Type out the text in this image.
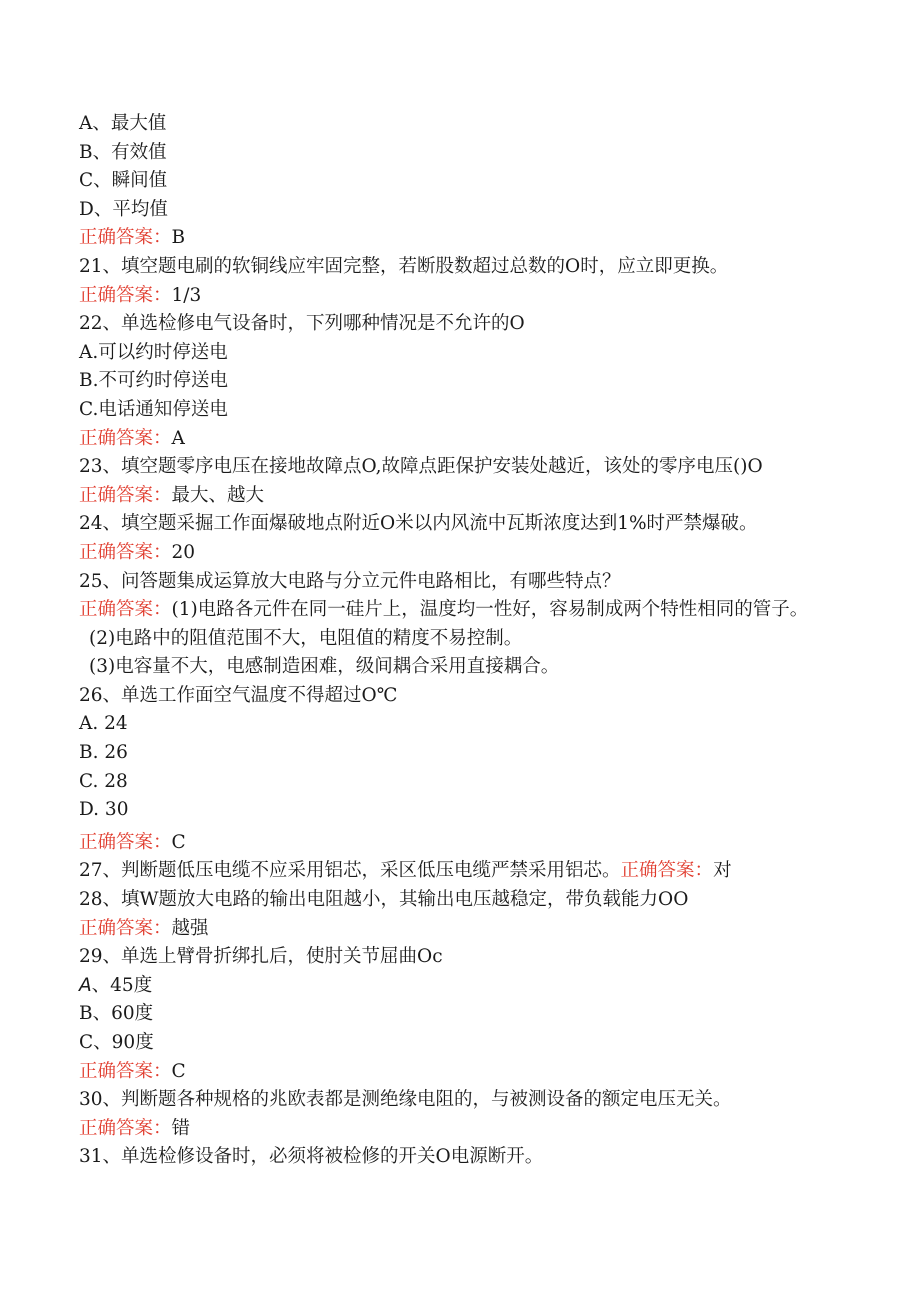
A、最大值
B、有效值
C、瞬间值
D、平均值
正确答案：B
21、填空题电刷的软铜线应牢固完整，若断股数超过总数的O时，应立即更换。
正确答案：1/3
22、单选检修电气设备时，下列哪种情况是不允许的O
A.可以约时停送电
B.不可约时停送电
C.电话通知停送电
正确答案：A
23、填空题零序电压在接地故障点O,故障点距保护安装处越近，该处的零序电压()O
正确答案：最大、越大
24、填空题采掘工作面爆破地点附近O米以内风流中瓦斯浓度达到1%时严禁爆破。
正确答案：20
25、问答题集成运算放大电路与分立元件电路相比，有哪些特点？
正确答案：(1)电路各元件在同一硅片上，温度均一性好，容易制成两个特性相同的管子。
(2)电路中的阻值范围不大，电阻值的精度不易控制。
(3)电容量不大，电感制造困难，级间耦合采用直接耦合。
26、单选工作面空气温度不得超过O℃
A. 24
B. 26
C. 28
D. 30
正确答案：C
27、判断题低压电缆不应采用铝芯，采区低压电缆严禁采用铝芯。正确答案：对
28、填W题放大电路的输出电阻越小，其输出电压越稳定，带负载能力OO
正确答案：越强
29、单选上臂骨折绑扎后，使肘关节屈曲Oc
A、45度
B、60度
C、90度
正确答案：C
30、判断题各种规格的兆欧表都是测绝缘电阻的，与被测设备的额定电压无关。
正确答案：错
31、单选检修设备时，必须将被检修的开关O电源断开。
